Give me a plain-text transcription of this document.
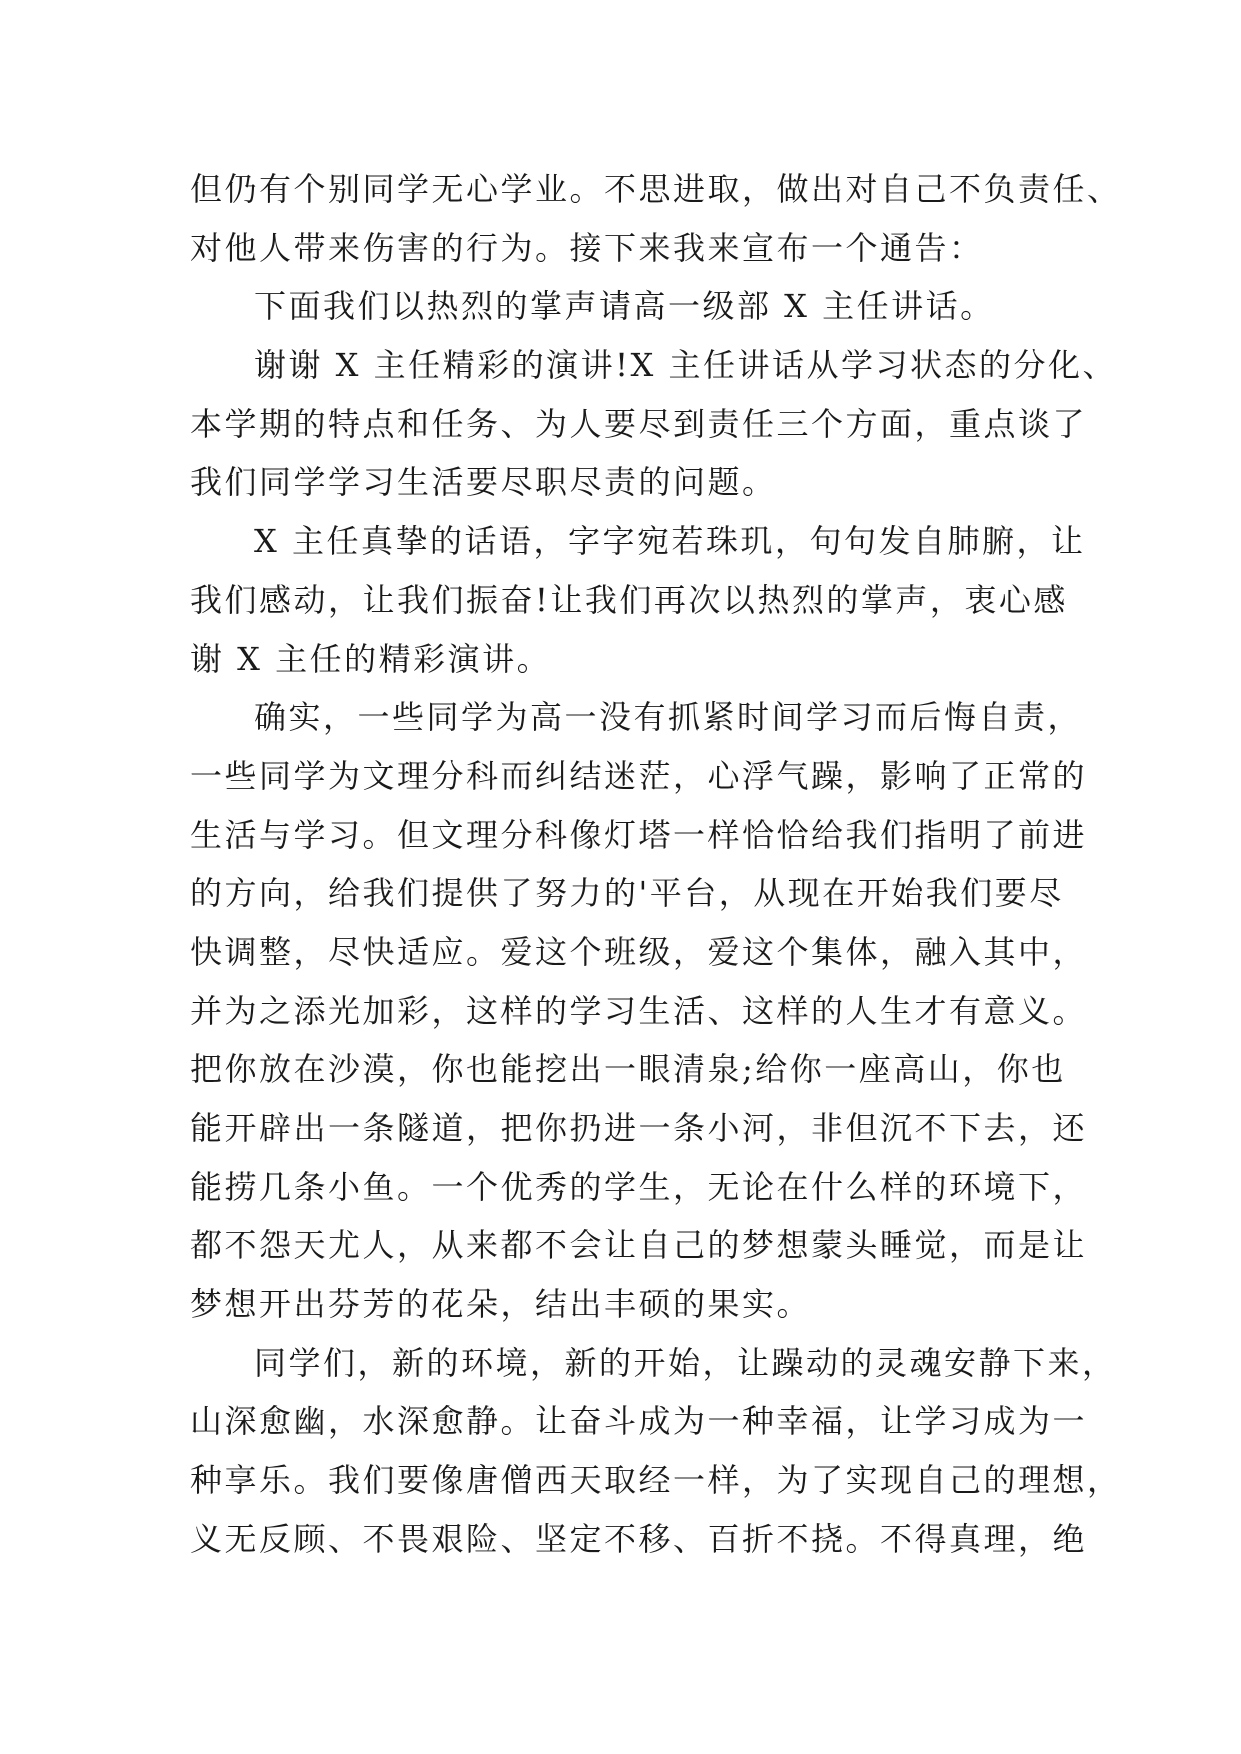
但仍有个别同学无心学业。不思进取，做出对自己不负责任、
对他人带来伤害的行为。接下来我来宣布一个通告：
下面我们以热烈的掌声请高一级部 X 主任讲话。
谢谢 X 主任精彩的演讲!X 主任讲话从学习状态的分化、
本学期的特点和任务、为人要尽到责任三个方面，重点谈了
我们同学学习生活要尽职尽责的问题。
X 主任真挚的话语，字字宛若珠玑，句句发自肺腑，让
我们感动，让我们振奋!让我们再次以热烈的掌声，衷心感
谢 X 主任的精彩演讲。
确实，一些同学为高一没有抓紧时间学习而后悔自责，
一些同学为文理分科而纠结迷茫，心浮气躁，影响了正常的
生活与学习。但文理分科像灯塔一样恰恰给我们指明了前进
的方向，给我们提供了努力的'平台，从现在开始我们要尽
快调整，尽快适应。爱这个班级，爱这个集体，融入其中，
并为之添光加彩，这样的学习生活、这样的人生才有意义。
把你放在沙漠，你也能挖出一眼清泉;给你一座高山，你也
能开辟出一条隧道，把你扔进一条小河，非但沉不下去，还
能捞几条小鱼。一个优秀的学生，无论在什么样的环境下，
都不怨天尤人，从来都不会让自己的梦想蒙头睡觉，而是让
梦想开出芬芳的花朵，结出丰硕的果实。
同学们，新的环境，新的开始，让躁动的灵魂安静下来，
山深愈幽，水深愈静。让奋斗成为一种幸福，让学习成为一
种享乐。我们要像唐僧西天取经一样，为了实现自己的理想，
义无反顾、不畏艰险、坚定不移、百折不挠。不得真理，绝
